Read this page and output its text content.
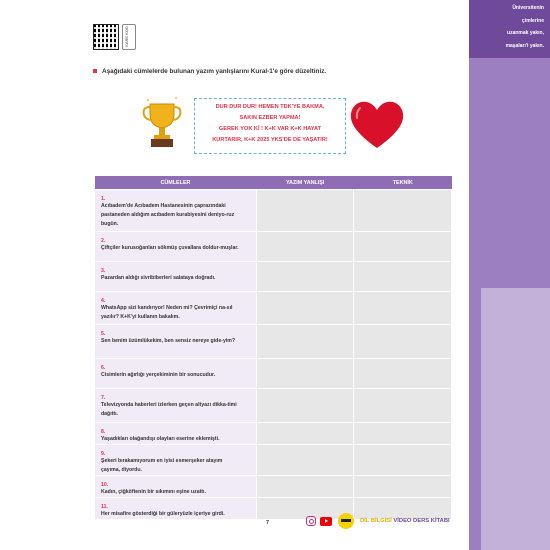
Üniversitenin
çimlerine
uzanmak yakın,
maşaları'i yakın.
KARE KOD
Aşağıdaki cümlelerde bulunan yazım yanlışlarını Kural-1'e göre düzeltiniz.

DUR DUR DUR! HEMEN TDK'YE BAKMA,

SAKIN EZBER YAPMA!

GEREK YOK Kİ ! K+K VAR K+K HAYAT

KURTARIR, K+K 2025 YKS'DE DE YAŞATIR!

CÜMLELER	YAZIM YANLIŞI	TEKNİK
1.Acıbadem'de Acıbadem Hastanesinin çaprazındaki pastaneden aldığım acıbadem kurabiyesini deniyo-ruz bugün.		
2.Çiftçiler kurusoğanları sökmüş çuvallara doldur-muşlar.		
3.Pazardan aldığı sivribiberleri salataya doğradı.		
4.WhatsApp sizi kandırıyor! Neden mi? Çevrimiçi na-sıl yazılır? K+K'yi kullanın bakalım.		
5.Sen benim üzümlükekim, ben sensiz nereye gide-yim?		
6.Cisimlerin ağırlığı yerçekiminin bir sonucudur.		
7.Televizyonda haberleri izlerken geçen altyazı dikka-timi dağıttı.		
8.Yaşadıkları olağandışı olayları eserine eklemişti.		
9.Şekeri bırakamıyorum en iyisi esmerşeker atayım çayıma, diyordu.		
10.Kadın, çiğköftenin bir sıkımını eşine uzattı.		
11.Her misafire gösterdiği bir güleryüzle içeriye girdi.		
7	DİL BİLGİSİ VİDEO DERS KİTABI
